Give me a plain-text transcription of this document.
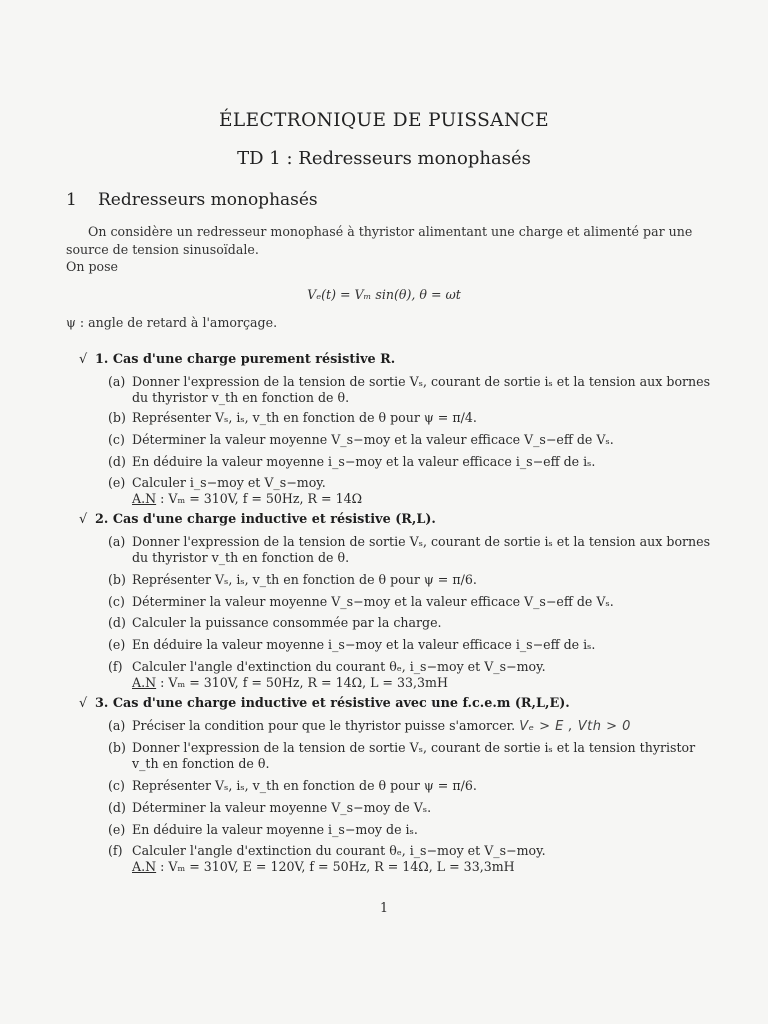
ÉLECTRONIQUE DE PUISSANCE
TD 1 : Redresseurs monophasés
1 Redresseurs monophasés
On considère un redresseur monophasé à thyristor alimentant une charge et alimenté par une
source de tension sinusoïdale.
On pose
Vₑ(t) = Vₘ sin(θ), θ = ωt
ψ : angle de retard à l'amorçage.
√ 1. Cas d'une charge purement résistive R.
(a) Donner l'expression de la tension de sortie Vₛ, courant de sortie iₛ et la tension aux bornes
du thyristor v_th en fonction de θ.
(b) Représenter Vₛ, iₛ, v_th en fonction de θ pour ψ = π/4.
(c) Déterminer la valeur moyenne V_s−moy et la valeur efficace V_s−eff de Vₛ.
(d) En déduire la valeur moyenne i_s−moy et la valeur efficace i_s−eff de iₛ.
(e) Calculer i_s−moy et V_s−moy.
A.N : Vₘ = 310V, f = 50Hz, R = 14Ω
√ 2. Cas d'une charge inductive et résistive (R,L).
(a) Donner l'expression de la tension de sortie Vₛ, courant de sortie iₛ et la tension aux bornes
du thyristor v_th en fonction de θ.
(b) Représenter Vₛ, iₛ, v_th en fonction de θ pour ψ = π/6.
(c) Déterminer la valeur moyenne V_s−moy et la valeur efficace V_s−eff de Vₛ.
(d) Calculer la puissance consommée par la charge.
(e) En déduire la valeur moyenne i_s−moy et la valeur efficace i_s−eff de iₛ.
(f) Calculer l'angle d'extinction du courant θₑ, i_s−moy et V_s−moy.
A.N : Vₘ = 310V, f = 50Hz, R = 14Ω, L = 33,3mH
√ 3. Cas d'une charge inductive et résistive avec une f.c.e.m (R,L,E).
(a) Préciser la condition pour que le thyristor puisse s'amorcer. Vₑ > E , Vth > 0
(b) Donner l'expression de la tension de sortie Vₛ, courant de sortie iₛ et la tension thyristor
v_th en fonction de θ.
(c) Représenter Vₛ, iₛ, v_th en fonction de θ pour ψ = π/6.
(d) Déterminer la valeur moyenne V_s−moy de Vₛ.
(e) En déduire la valeur moyenne i_s−moy de iₛ.
(f) Calculer l'angle d'extinction du courant θₑ, i_s−moy et V_s−moy.
A.N : Vₘ = 310V, E = 120V, f = 50Hz, R = 14Ω, L = 33,3mH
1
